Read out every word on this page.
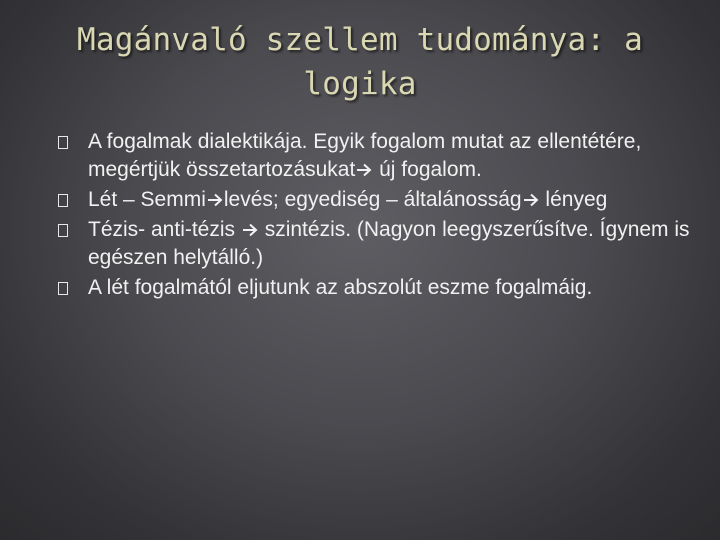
Magánvaló szellem tudománya: a
logika
A fogalmak dialektikája. Egyik fogalom mutat az ellentétére, megértjük összetartozásukat
új fogalom.
Lét – Semmi levés; egyediség – általánosság
lényeg
Tézis- anti-tézis
szintézis. (Nagyon leegyszerűsítve. Ígynem is egészen helytálló.)
A lét fogalmától eljutunk az abszolút eszme fogalmáig.
